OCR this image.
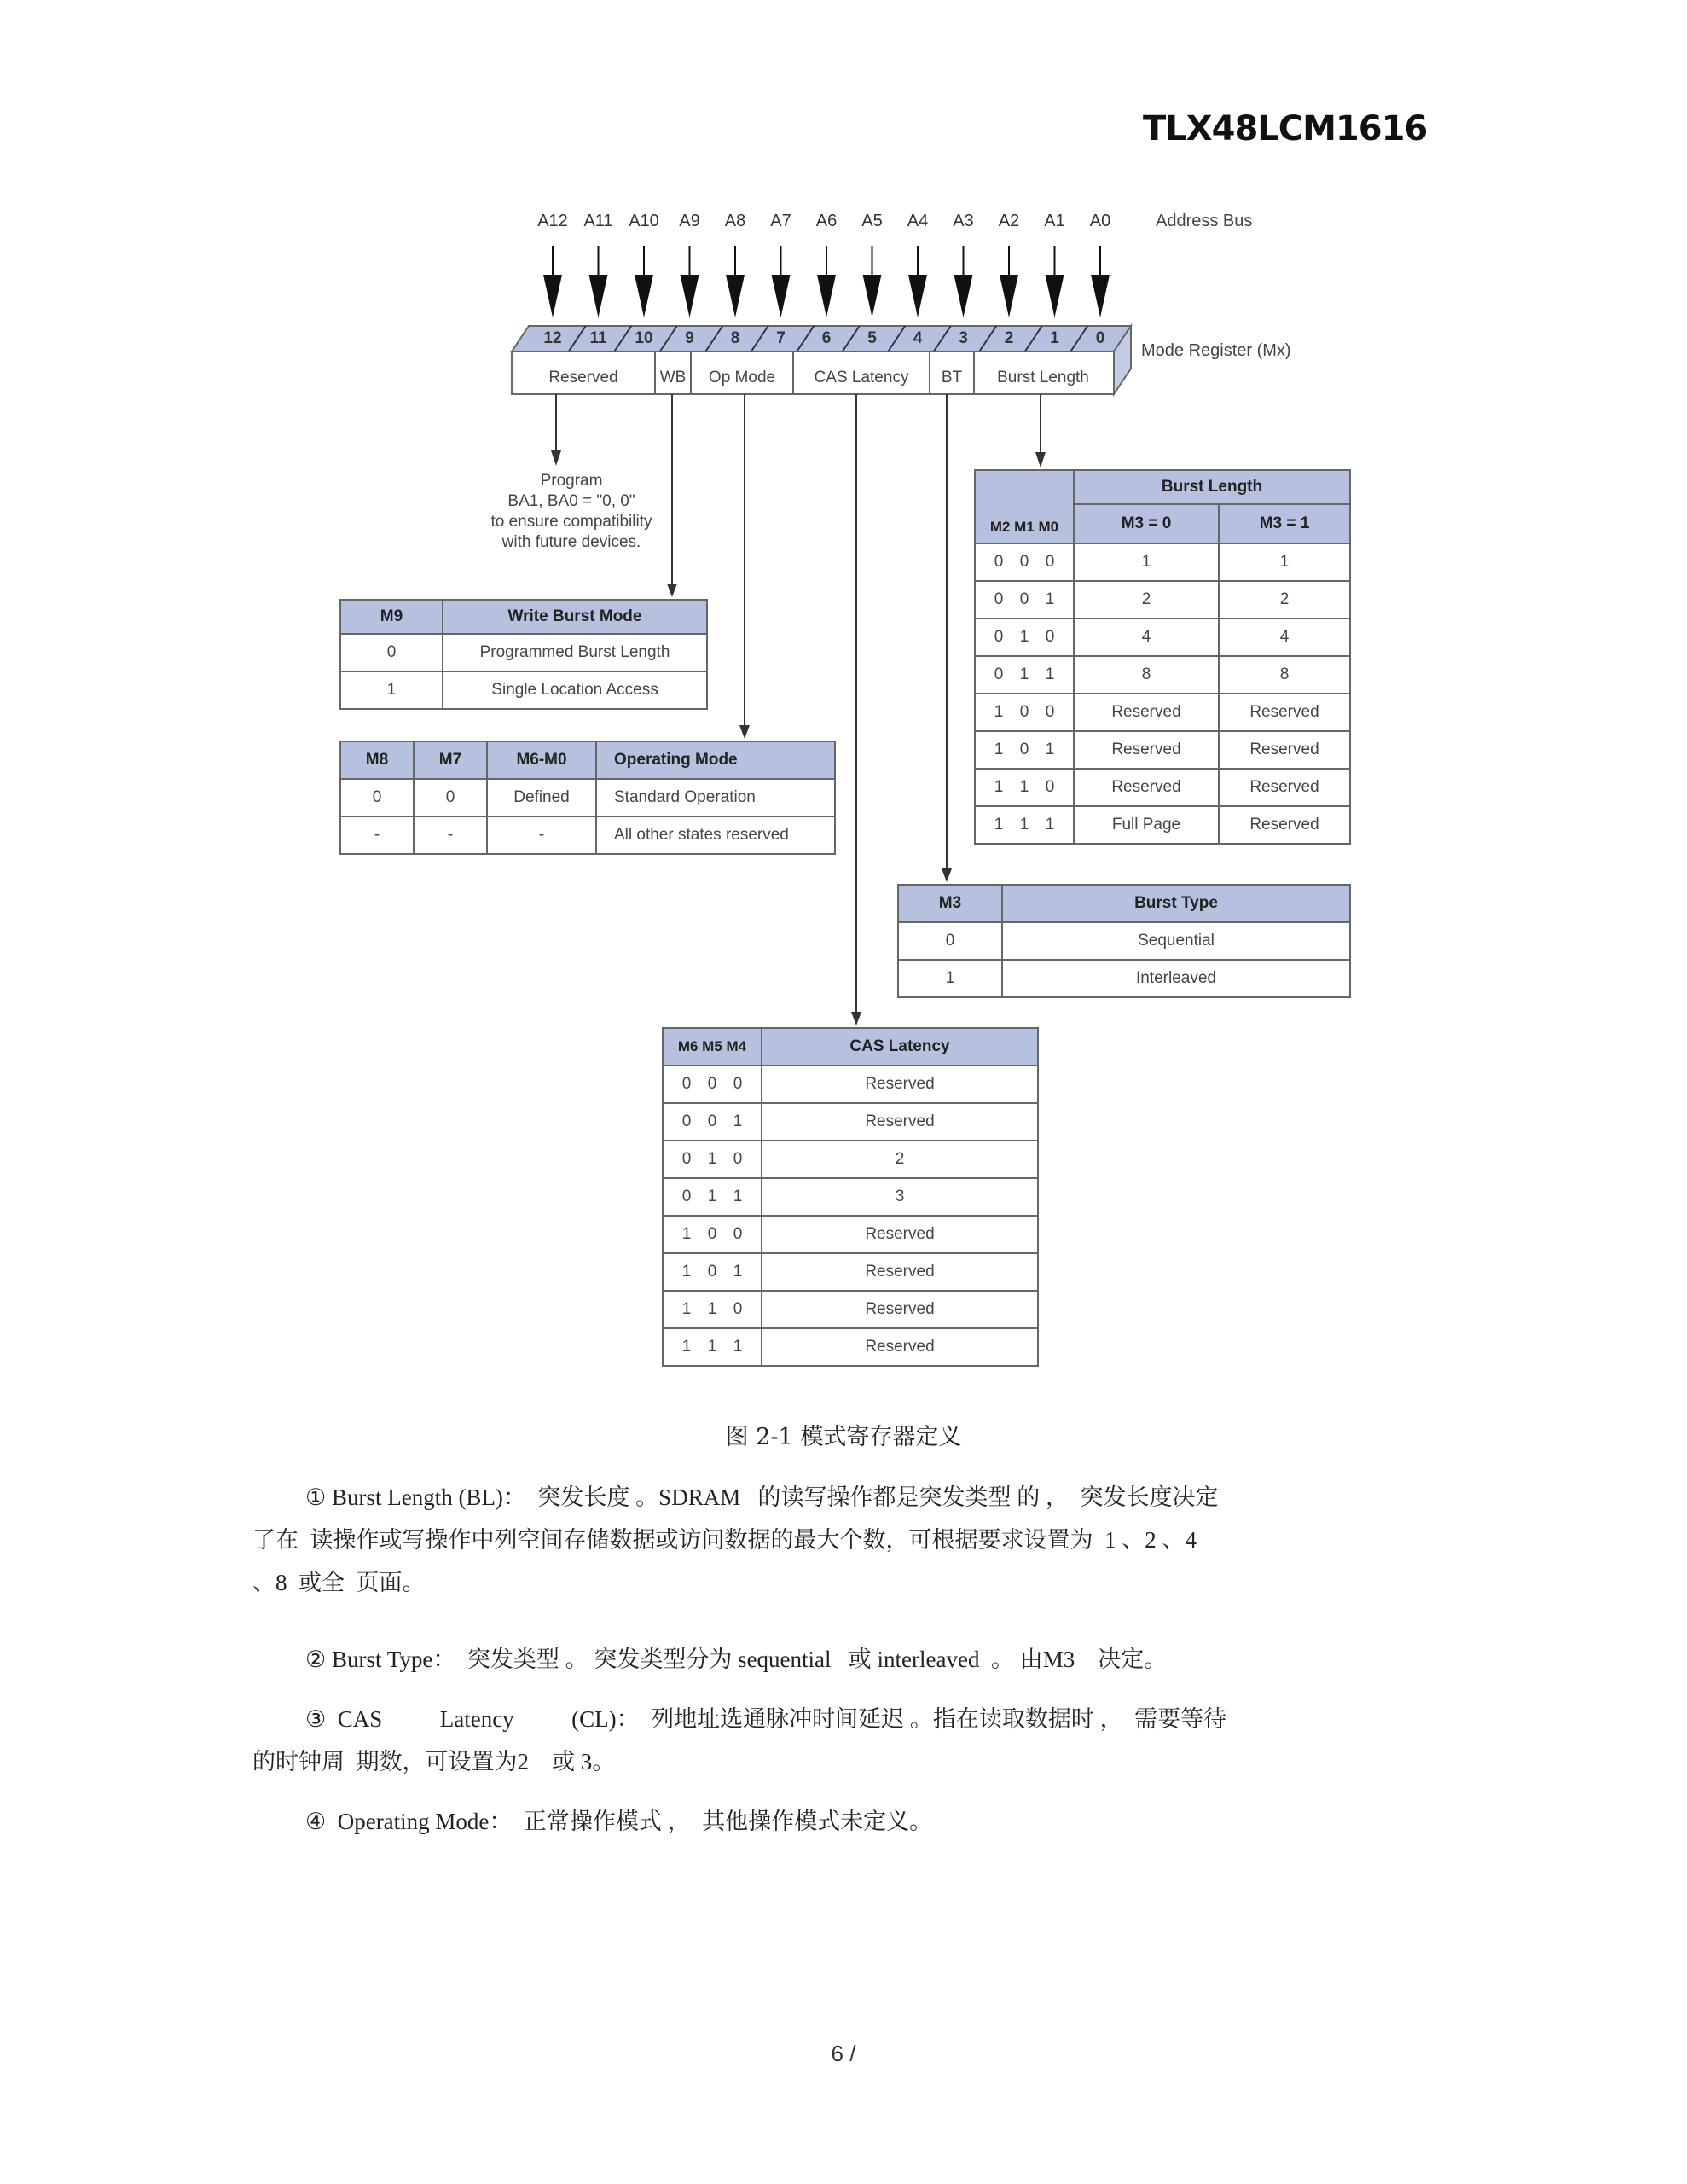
TLX48LCM1616
A12 A11 A10	A9	A8	A7	A6	A5	A4	A3	A2	A1	A0	Address Bus
12	11	10	9	8	7	6	5	4	3	2	1	0
Mode Register (Mx)
Reserved	WB	Op Mode	CAS Latency	BT	Burst Length
Program
BA1, BA0 = "0, 0"
to ensure compatibility
with future devices.
M9	Write Burst Mode
0	Programmed Burst Length
1	Single Location Access
M8	M7	M6-M0	Operating Mode
0	0	Defined	Standard Operation
-	-	-	All other states reserved
M2 M1 M0	Burst Length	
	M3 = 0	M3 = 1
0 0 0	1	1
0 0 1	2	2
0 1 0	4	4
0 1 1	8	8
1 0 0	Reserved	Reserved
1 0 1	Reserved	Reserved
1 1 0	Reserved	Reserved
1 1 1	Full Page	Reserved
M3	Burst Type
0	Sequential
1	Interleaved
M6 M5 M4	CAS Latency
0 0 0	Reserved
0 0 1	Reserved
0 1 0	2
0 1 1	3
1 0 0	Reserved
1 0 1	Reserved
1 1 0	Reserved
1 1 1	Reserved
图 2-1 模式寄存器定义
① Burst Length (BL)：  突发长度 。SDRAM   的读写操作都是突发类型 的 ，  突发长度决定
了在  读操作或写操作中列空间存储数据或访问数据的最大个数，可根据要求设置为  1 、2 、4
、8  或全  页面。
② Burst Type：  突发类型 。 突发类型分为 sequential   或 interleaved  。 由M3    决定。
③  CAS          Latency          (CL)：  列地址选通脉冲时间延迟 。指在读取数据时 ，  需要等待
的时钟周  期数，可设置为2    或 3。
④  Operating Mode：  正常操作模式 ，  其他操作模式未定义。
6 /
